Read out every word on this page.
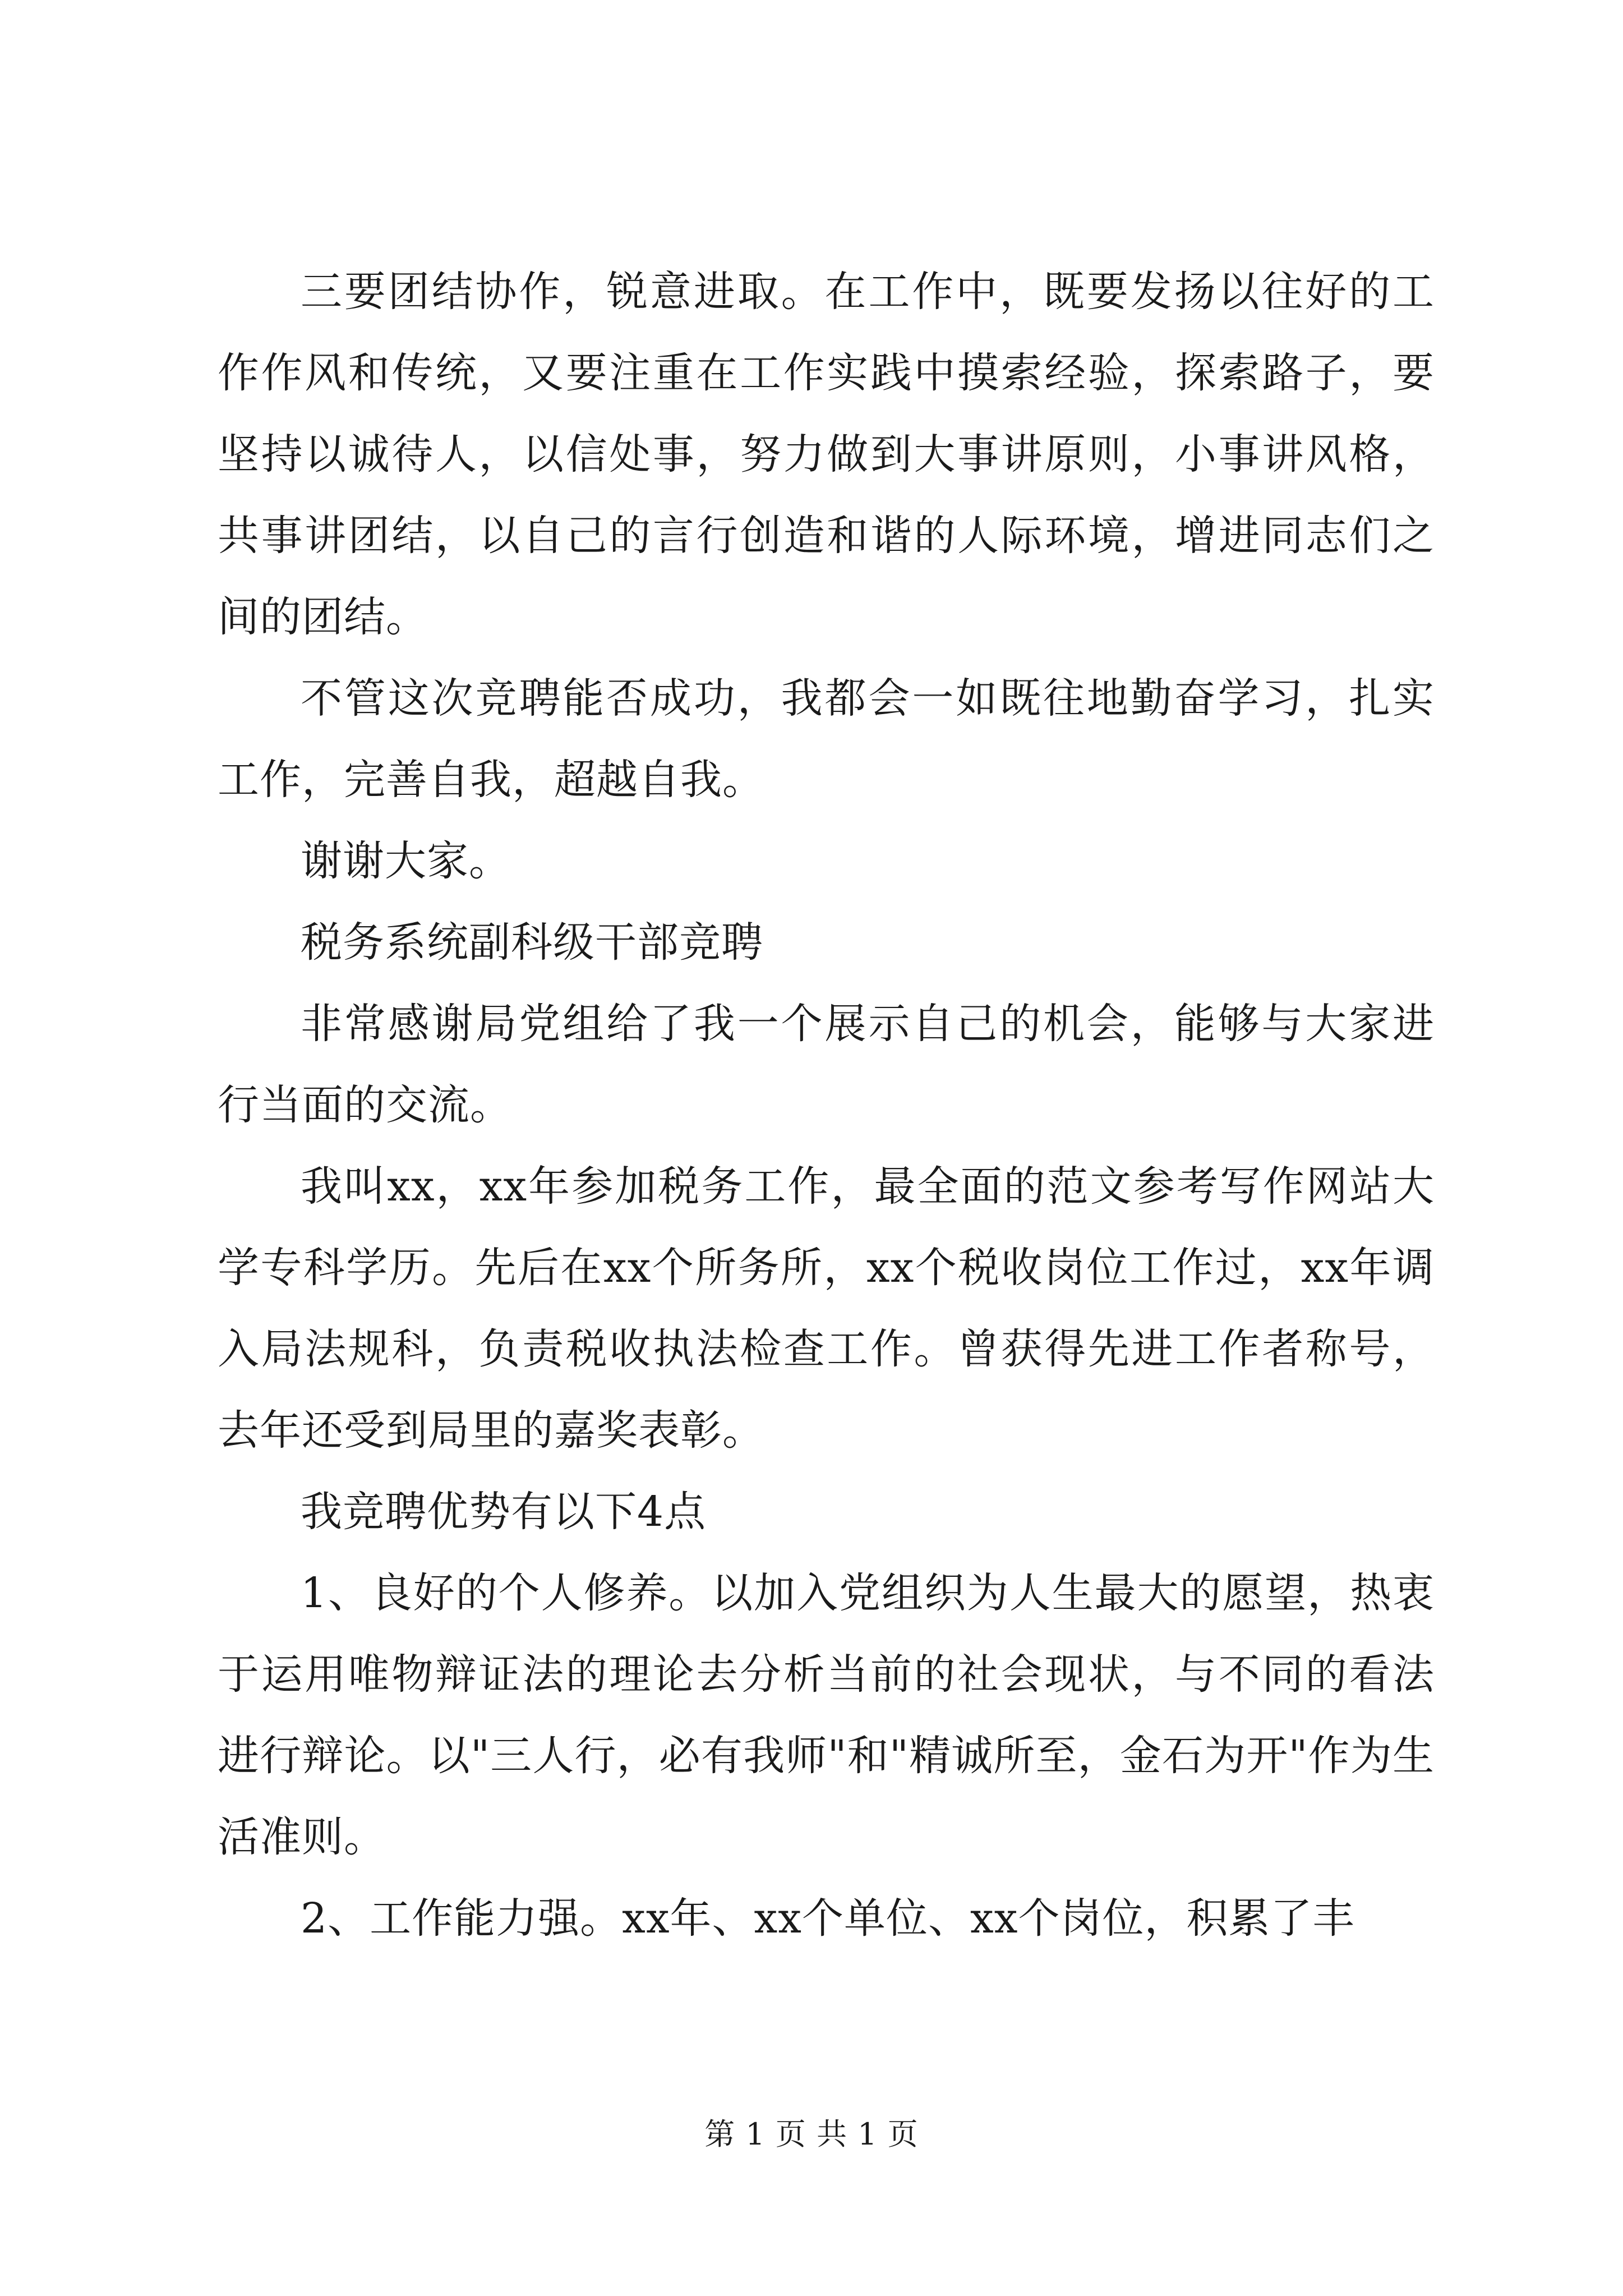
三要团结协作，锐意进取。在工作中，既要发扬以往好的工作作风和传统，又要注重在工作实践中摸索经验，探索路子，要坚持以诚待人，以信处事，努力做到大事讲原则，小事讲风格，共事讲团结，以自己的言行创造和谐的人际环境，增进同志们之间的团结。

不管这次竞聘能否成功，我都会一如既往地勤奋学习，扎实工作，完善自我，超越自我。

谢谢大家。

税务系统副科级干部竞聘

非常感谢局党组给了我一个展示自己的机会，能够与大家进行当面的交流。

我叫xx，xx年参加税务工作，最全面的范文参考写作网站大学专科学历。先后在xx个所务所，xx个税收岗位工作过，xx年调入局法规科，负责税收执法检查工作。曾获得先进工作者称号，去年还受到局里的嘉奖表彰。

我竞聘优势有以下4点

1、良好的个人修养。以加入党组织为人生最大的愿望，热衷于运用唯物辩证法的理论去分析当前的社会现状，与不同的看法进行辩论。以"三人行，必有我师"和"精诚所至，金石为开"作为生活准则。

2、工作能力强。xx年、xx个单位、xx个岗位，积累了丰

第 1 页 共 1 页
